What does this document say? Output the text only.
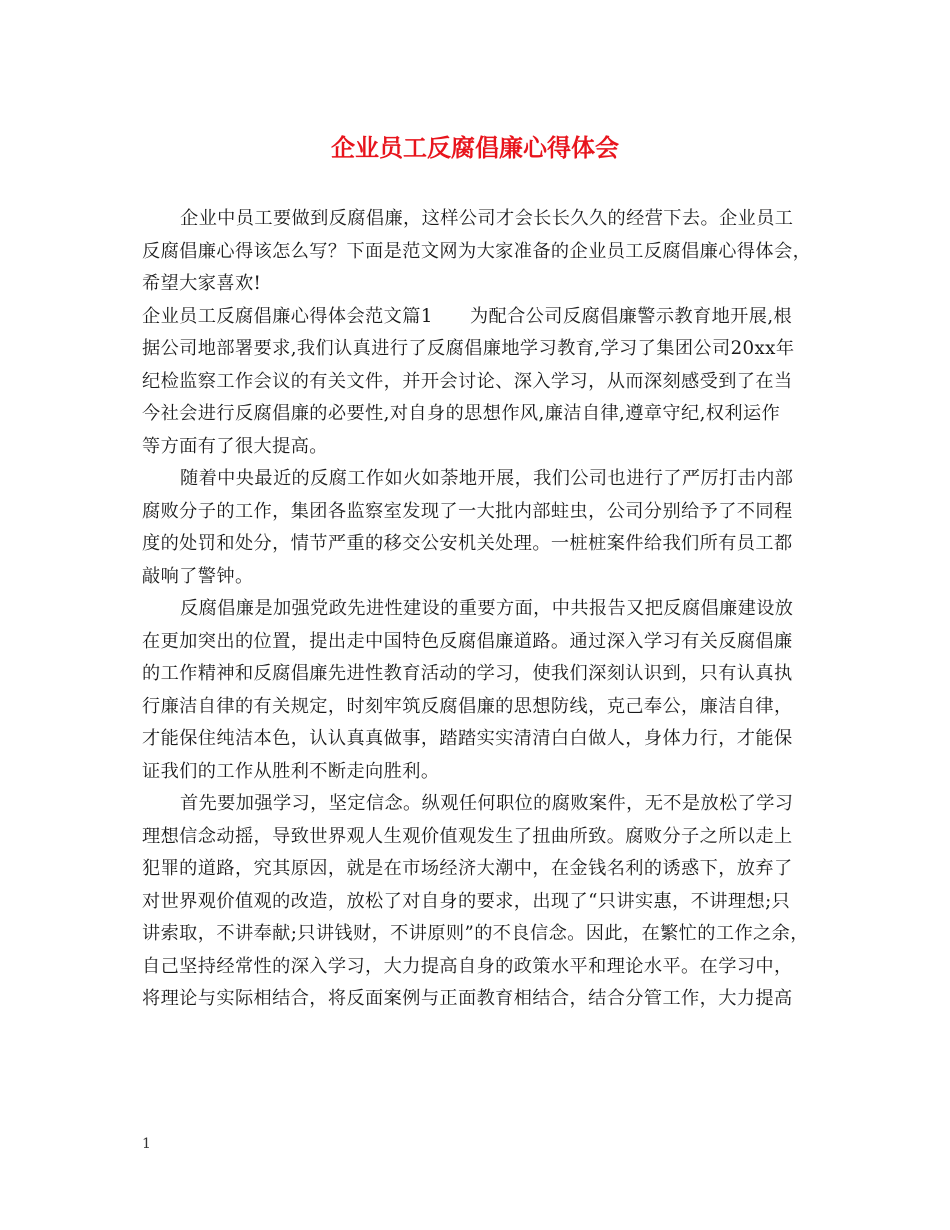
企业员工反腐倡廉心得体会
企业中员工要做到反腐倡廉，这样公司才会长长久久的经营下去。企业员工
反腐倡廉心得该怎么写？下面是范文网为大家准备的企业员工反腐倡廉心得体会，
希望大家喜欢!
企业员工反腐倡廉心得体会范文篇1　　为配合公司反腐倡廉警示教育地开展,根
据公司地部署要求,我们认真进行了反腐倡廉地学习教育,学习了集团公司20xx年
纪检监察工作会议的有关文件，并开会讨论、深入学习，从而深刻感受到了在当
今社会进行反腐倡廉的必要性,对自身的思想作风,廉洁自律,遵章守纪,权利运作
等方面有了很大提高。
随着中央最近的反腐工作如火如荼地开展，我们公司也进行了严厉打击内部
腐败分子的工作，集团各监察室发现了一大批内部蛀虫，公司分别给予了不同程
度的处罚和处分，情节严重的移交公安机关处理。一桩桩案件给我们所有员工都
敲响了警钟。
反腐倡廉是加强党政先进性建设的重要方面，中共报告又把反腐倡廉建设放
在更加突出的位置，提出走中国特色反腐倡廉道路。通过深入学习有关反腐倡廉
的工作精神和反腐倡廉先进性教育活动的学习，使我们深刻认识到，只有认真执
行廉洁自律的有关规定，时刻牢筑反腐倡廉的思想防线，克己奉公，廉洁自律，
才能保住纯洁本色，认认真真做事，踏踏实实清清白白做人，身体力行，才能保
证我们的工作从胜利不断走向胜利。
首先要加强学习，坚定信念。纵观任何职位的腐败案件，无不是放松了学习
理想信念动摇，导致世界观人生观价值观发生了扭曲所致。腐败分子之所以走上
犯罪的道路，究其原因，就是在市场经济大潮中，在金钱名利的诱惑下，放弃了
对世界观价值观的改造，放松了对自身的要求，出现了“只讲实惠，不讲理想;只
讲索取，不讲奉献;只讲钱财，不讲原则”的不良信念。因此，在繁忙的工作之余，
自己坚持经常性的深入学习，大力提高自身的政策水平和理论水平。在学习中，
将理论与实际相结合，将反面案例与正面教育相结合，结合分管工作，大力提高
1
